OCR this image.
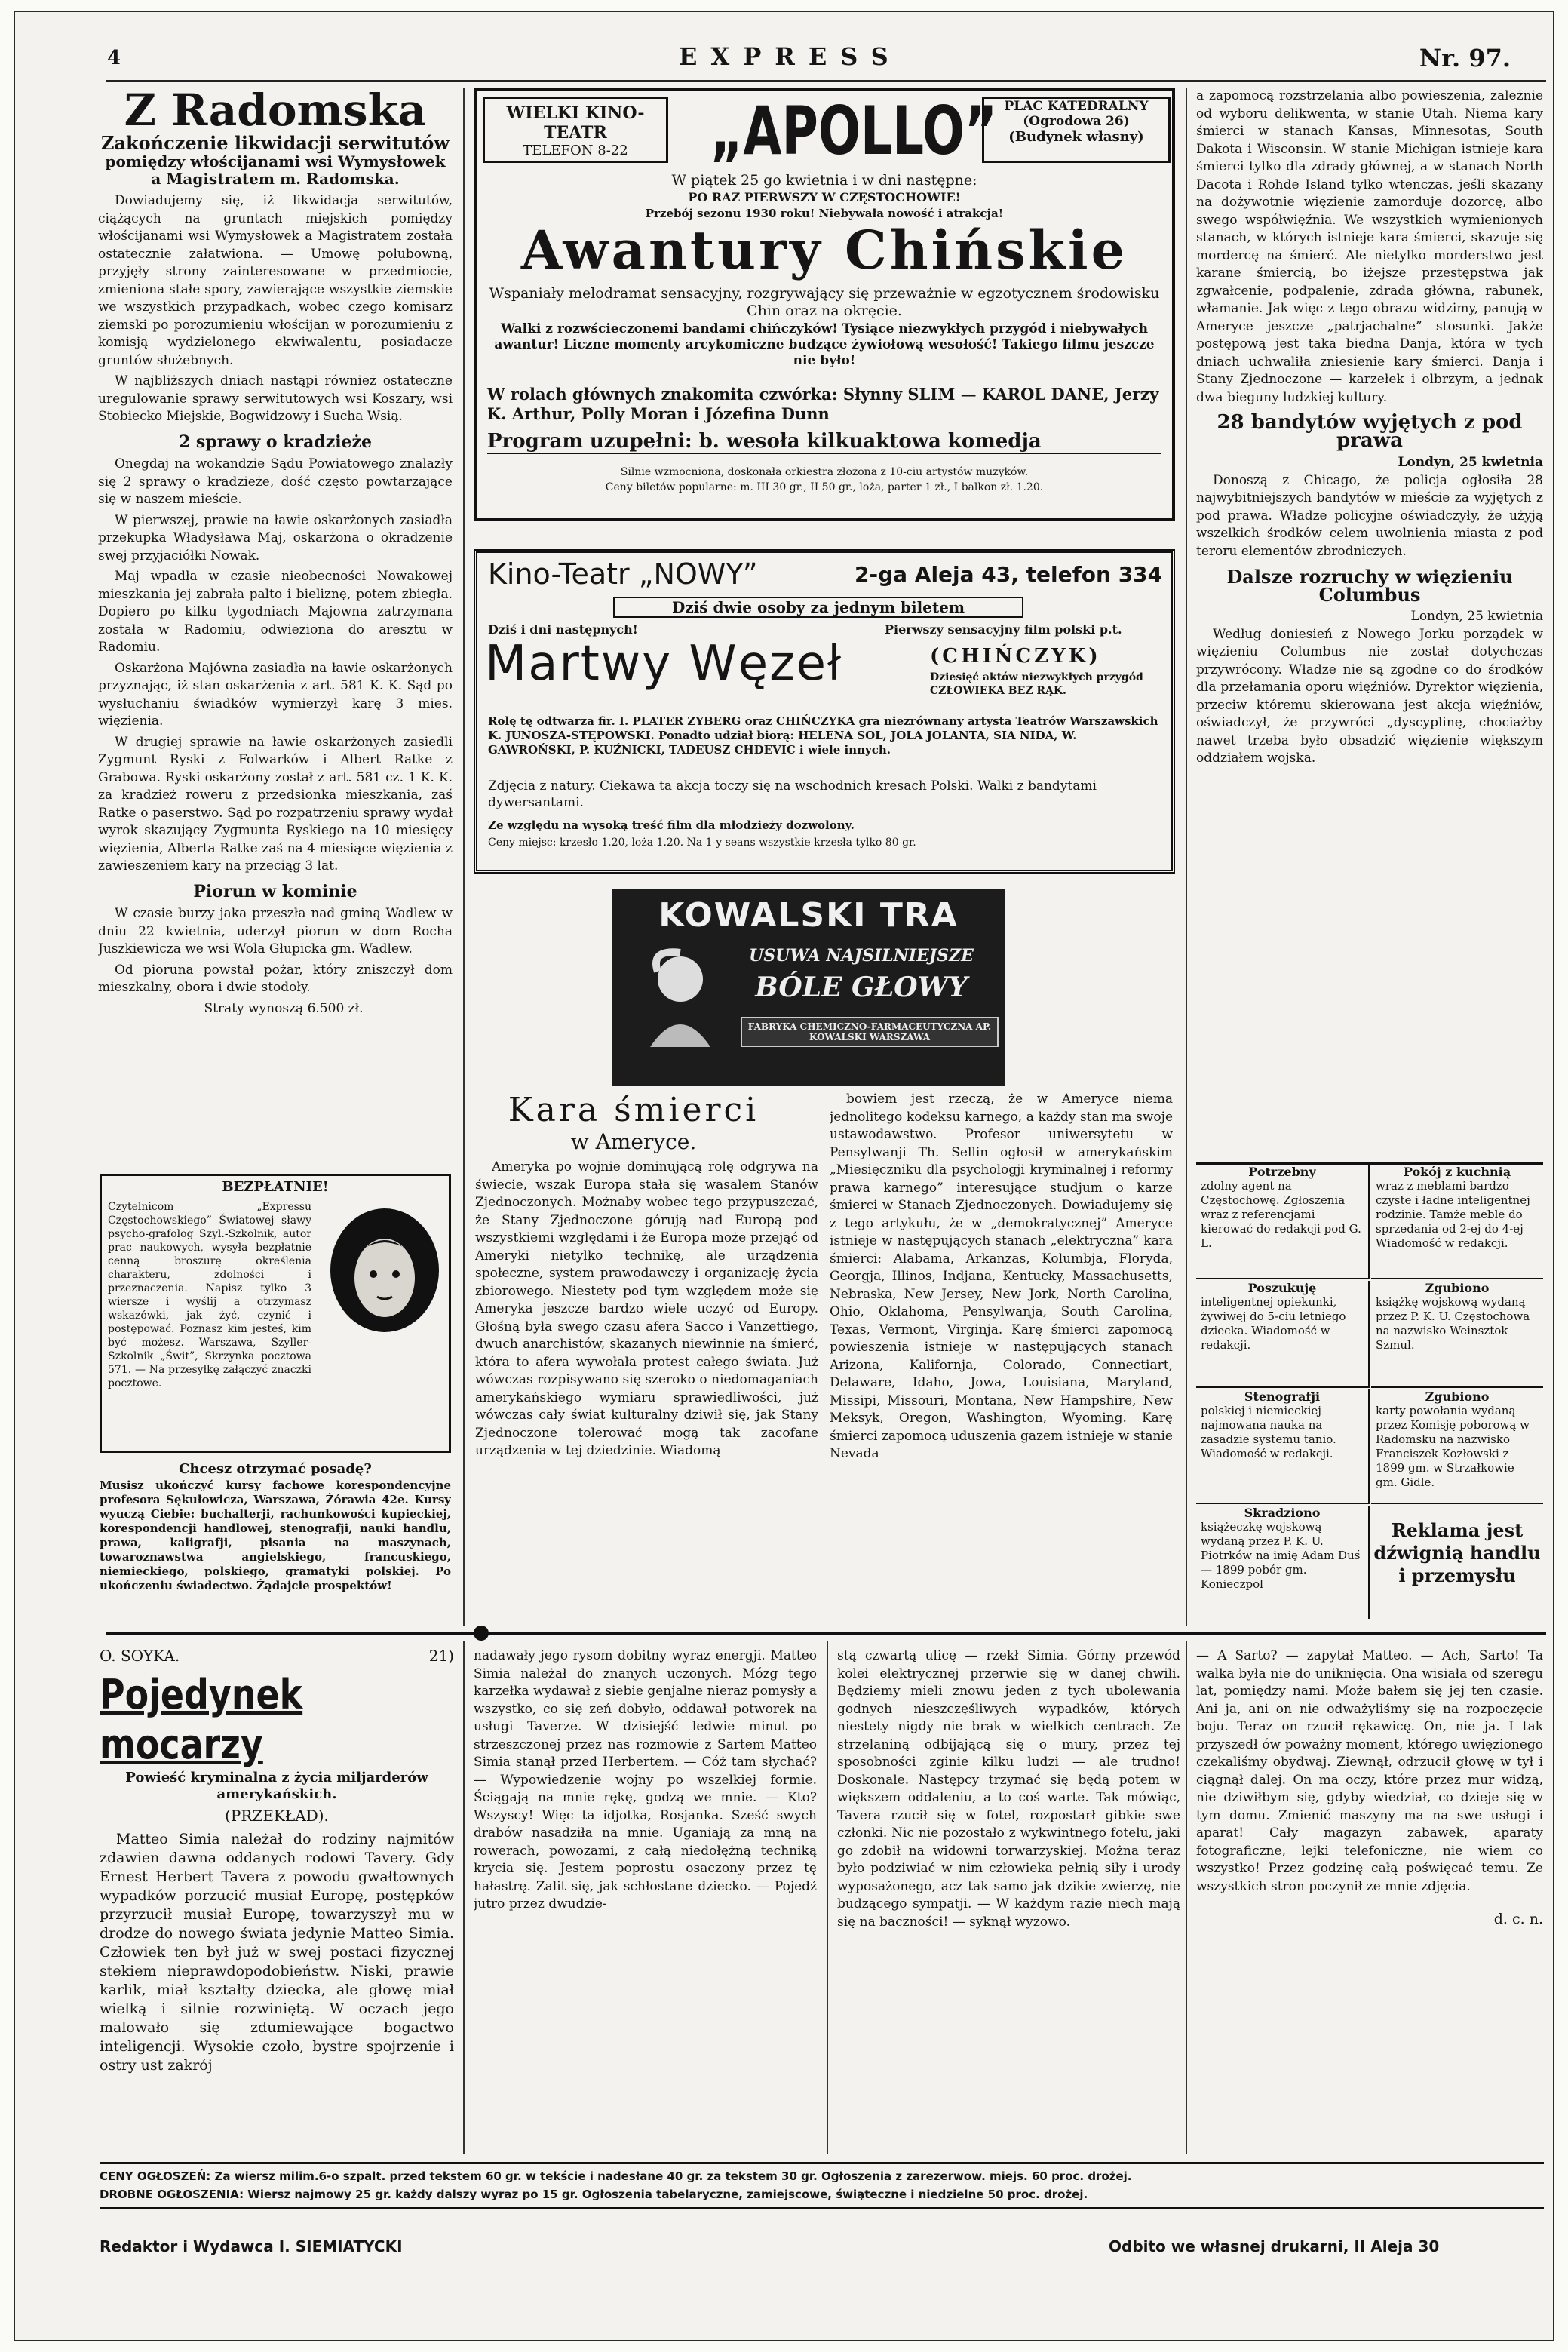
4	EXPRESS	Nr. 97.
Z Radomska
Zakończenie likwidacji serwitutów
pomiędzy włościjanami wsi Wymysłowek a Magistratem m. Radomska.

Dowiadujemy się, iż likwidacja serwitutów, ciążących na gruntach miejskich pomiędzy włościjanami wsi Wymysłowek a Magistratem została ostatecznie załatwiona. — Umowę polubowną, przyjęły strony zainteresowane w przedmiocie, zmieniona stałe spory, zawierające wszystkie ziemskie we wszystkich przypadkach, wobec czego komisarz ziemski po porozumieniu włościjan w porozumieniu z komisją wydzielonego ekwiwalentu, posiadacze gruntów służebnych.

W najbliższych dniach nastąpi również ostateczne uregulowanie sprawy serwitutowych wsi Koszary, wsi Stobiecko Miejskie, Bogwidzowy i Sucha Wsią.

2 sprawy o kradzieże

Onegdaj na wokandzie Sądu Powiatowego znalazły się 2 sprawy o kradzieże, dość często powtarzające się w naszem mieście.

W pierwszej, prawie na ławie oskarżonych zasiadła przekupka Władysława Maj, oskarżona o okradzenie swej przyjaciółki Nowak.

Maj wpadła w czasie nieobecności Nowakowej mieszkania jej zabrała palto i bieliznę, potem zbiegła. Dopiero po kilku tygodniach Majowna zatrzymana została w Radomiu, odwieziona do aresztu w Radomiu.

Oskarżona Majówna zasiadła na ławie oskarżonych przyznając, iż stan oskarżenia z art. 581 K. K. Sąd po wysłuchaniu świadków wymierzył karę 3 mies. więzienia.

W drugiej sprawie na ławie oskarżonych zasiedli Zygmunt Ryski z Folwarków i Albert Ratke z Grabowa. Ryski oskarżony został z art. 581 cz. 1 K. K. za kradzież roweru z przedsionka mieszkania, zaś Ratke o paserstwo. Sąd po rozpatrzeniu sprawy wydał wyrok skazujący Zygmunta Ryskiego na 10 miesięcy więzienia, Alberta Ratke zaś na 4 miesiące więzienia z zawieszeniem kary na przeciąg 3 lat.

Piorun w kominie

W czasie burzy jaka przeszła nad gminą Wadlew w dniu 22 kwietnia, uderzył piorun w dom Rocha Juszkiewicza we wsi Wola Głupicka gm. Wadlew.

Od pioruna powstał pożar, który zniszczył dom mieszkalny, obora i dwie stodoły.

Straty wynoszą 6.500 zł.

BEZPŁATNIE!
Czytelnicom „Expressu Częstochowskiego” Światowej sławy psycho-grafolog Szyl.-Szkolnik, autor prac naukowych, wysyła bezpłatnie cenną broszurę określenia charakteru, zdolności i przeznaczenia. Napisz tylko 3 wiersze i wyślij a otrzymasz wskazówki, jak żyć, czynić i postępować. Poznasz kim jesteś, kim być możesz. Warszawa, Szyller-Szkolnik „Świt”, Skrzynka pocztowa 571. — Na przesyłkę załączyć znaczki pocztowe.
Chcesz otrzymać posadę?
Musisz ukończyć kursy fachowe korespondencyjne profesora Sękułowicza, Warszawa, Żórawia 42e. Kursy wyuczą Ciebie: buchalterji, rachunkowości kupieckiej, korespondencji handlowej, stenografji, nauki handlu, prawa, kaligrafji, pisania na maszynach, towaroznawstwa angielskiego, francuskiego, niemieckiego, polskiego, gramatyki polskiej. Po ukończeniu świadectwo. Żądajcie prospektów!
WIELKI KINO-TEATR
TELEFON 8-22	„APOLLO” PLAC KATEDRALNY
(Ogrodowa 26)
(Budynek własny)
W piątek 25 go kwietnia i w dni następne:
PO RAZ PIERWSZY W CZĘSTOCHOWIE!
Przebój sezonu 1930 roku! Niebywała nowość i atrakcja!
Awantury Chińskie
Wspaniały melodramat sensacyjny, rozgrywający się przeważnie w egzotycznem środowisku Chin oraz na okręcie.
Walki z rozwścieczonemi bandami chińczyków! Tysiące niezwykłych przygód i niebywałych awantur! Liczne momenty arcykomiczne budzące żywiołową wesołość! Takiego filmu jeszcze nie było!
W rolach głównych znakomita czwórka: Słynny SLIM — KAROL DANE, Jerzy K. Arthur, Polly Moran i Józefina Dunn
Program uzupełni: b. wesoła kilkuaktowa komedja
Silnie wzmocniona, doskonała orkiestra złożona z 10-ciu artystów muzyków.
Ceny biletów popularne: m. III 30 gr., II 50 gr., loża, parter 1 zł., I balkon zł. 1.20.
Kino-Teatr „NOWY”	2-ga Aleja 43, telefon 334
Dziś dwie osoby za jednym biletem
Dziś i dni następnych!	Pierwszy sensacyjny film polski p.t.
Martwy Węzeł	(CHIŃCZYK)
Dziesięć aktów niezwykłych przygód CZŁOWIEKA BEZ RĄK.
Rolę tę odtwarza fir. I. PLATER ZYBERG oraz CHIŃCZYKA gra niezrównany artysta Teatrów Warszawskich K. JUNOSZA-STĘPOWSKI. Ponadto udział biorą: HELENA SOL, JOLA JOLANTA, SIA NIDA, W. GAWROŃSKI, P. KUŹNICKI, TADEUSZ CHDEVIC i wiele innych.
Zdjęcia z natury. Ciekawa ta akcja toczy się na wschodnich kresach Polski. Walki z bandytami dywersantami.
Ze względu na wysoką treść film dla młodzieży dozwolony.
Ceny miejsc: krzesło 1.20, loża 1.20. Na 1-y seans wszystkie krzesła tylko 80 gr.
KOWALSKI TRA
USUWA NAJSILNIEJSZE
BÓLE GŁOWY
FABRYKA CHEMICZNO-FARMACEUTYCZNA AP. KOWALSKI WARSZAWA
Kara śmierci
w Ameryce.

Ameryka po wojnie dominującą rolę odgrywa na świecie, wszak Europa stała się wasalem Stanów Zjednoczonych. Możnaby wobec tego przypuszczać, że Stany Zjednoczone górują nad Europą pod wszystkiemi względami i że Europa może przejąć od Ameryki nietylko technikę, ale urządzenia społeczne, system prawodawczy i organizację życia zbiorowego. Niestety pod tym względem może się Ameryka jeszcze bardzo wiele uczyć od Europy. Głośną była swego czasu afera Sacco i Vanzettiego, dwuch anarchistów, skazanych niewinnie na śmierć, która to afera wywołała protest całego świata. Już wówczas rozpisywano się szeroko o niedomaganiach amerykańskiego wymiaru sprawiedliwości, już wówczas cały świat kulturalny dziwił się, jak Stany Zjednoczone tolerować mogą tak zacofane urządzenia w tej dziedzinie. Wiadomą

bowiem jest rzeczą, że w Ameryce niema jednolitego kodeksu karnego, a każdy stan ma swoje ustawodawstwo. Profesor uniwersytetu w Pensylwanji Th. Sellin ogłosił w amerykańskim „Miesięczniku dla psychologji kryminalnej i reformy prawa karnego” interesujące studjum o karze śmierci w Stanach Zjednoczonych. Dowiadujemy się z tego artykułu, że w „demokratycznej” Ameryce istnieje w następujących stanach „elektryczna” kara śmierci: Alabama, Arkanzas, Kolumbja, Floryda, Georgja, Illinos, Indjana, Kentucky, Massachusetts, Nebraska, New Jersey, New Jork, North Carolina, Ohio, Oklahoma, Pensylwanja, South Carolina, Texas, Vermont, Virginja. Karę śmierci zapomocą powieszenia istnieje w następujących stanach Arizona, Kalifornja, Colorado, Connectiart, Delaware, Idaho, Jowa, Louisiana, Maryland, Missipi, Missouri, Montana, New Hampshire, New Meksyk, Oregon, Washington, Wyoming. Karę śmierci zapomocą uduszenia gazem istnieje w stanie Nevada

a zapomocą rozstrzelania albo powieszenia, zależnie od wyboru delikwenta, w stanie Utah. Niema kary śmierci w stanach Kansas, Minnesotas, South Dakota i Wisconsin. W stanie Michigan istnieje kara śmierci tylko dla zdrady głównej, a w stanach North Dacota i Rohde Island tylko wtenczas, jeśli skazany na dożywotnie więzienie zamordujе dozorcę, albo swego współwięźnia. We wszystkich wymienionych stanach, w których istnieje kara śmierci, skazuje się mordercę na śmierć. Ale nietylko morderstwo jest karane śmiercią, bo iżejsze przestępstwa jak zgwałcenie, podpalenie, zdrada główna, rabunek, włamanie. Jak więc z tego obrazu widzimy, panują w Ameryce jeszcze „patrjachalne” stosunki. Jakże postępową jest taka biedna Danja, która w tych dniach uchwaliła zniesienie kary śmierci. Danja i Stany Zjednoczone — karzełek i olbrzym, a jednak dwa bieguny ludzkiej kultury.

28 bandytów wyjętych z pod prawa
Londyn, 25 kwietnia

Donoszą z Chicago, że policja ogłosiła 28 najwybitniejszych bandytów w mieście za wyjętych z pod prawa. Władze policyjne oświadczyły, że użyją wszelkich środków celem uwolnienia miasta z pod teroru elementów zbrodniczych.

Dalsze rozruchy w więzieniu Columbus
Londyn, 25 kwietnia

Według doniesień z Nowego Jorku porządek w więzieniu Columbus nie został dotychczas przywrócony. Władze nie są zgodne co do środków dla przełamania oporu więźniów. Dyrektor więzienia, przeciw któremu skierowana jest akcja więźniów, oświadczył, że przywróci „dyscyplinę, chociażby nawet trzeba było obsadzić więzienie większym oddziałem wojska.

Potrzebny
zdolny agent na Częstochowę. Zgłoszenia wraz z referencjami kierować do redakcji pod G. L.
Pokój z kuchnią
wraz z meblami bardzo czyste i ładne inteligentnej rodzinie. Tamże meble do sprzedania od 2-ej do 4-ej Wiadomość w redakcji.
Poszukuję
inteligentnej opiekunki, żywiwej do 5-ciu letniego dziecka. Wiadomość w redakcji.
Zgubiono
książkę wojskową wydaną przez P. K. U. Częstochowa na nazwisko Weinsztok Szmul.
Stenografji
polskiej i niemieckiej najmowana nauka na zasadzie systemu tanio. Wiadomość w redakcji.
Zgubiono
karty powołania wydaną przez Komisję poborową w Radomsku na nazwisko Franciszek Kozłowski z 1899 gm. w Strzałkowie gm. Gidle.
Skradziono
książeczkę wojskową wydaną przez P. K. U. Piotrków na imię Adam Duś — 1899 pobór gm. Konieczpol
Reklama jest dźwignią handlu i przemysłu
O. SOYKA.	21)
Pojedynek mocarzy
Powieść kryminalna z życia miljarderów amerykańskich.
(PRZEKŁAD).

Matteo Simia należał do rodziny najmitów zdawien dawna oddanych rodowi Tavery. Gdy Ernest Herbert Tavera z powodu gwałtownych wypadków porzucić musiał Europę, postępków przyrzucił musiał Europę, towarzyszył mu w drodze do nowego świata jedynie Matteo Simia. Człowiek ten był już w swej postaci fizycznej stekiem nieprawdopodobieństw. Niski, prawie karlik, miał kształty dziecka, ale głowę miał wielką i silnie rozwiniętą. W oczach jego malowało się zdumiewające bogactwo inteligencji. Wysokie czoło, bystre spojrzenie i ostry ust zakrój

nadawały jego rysom dobitny wyraz energji. Matteo Simia należał do znanych uczonych. Mózg tego karzełka wydawał z siebie genjalne nieraz pomysły a wszystko, co się zeń dobyło, oddawał potworek na usługi Taverze. W dzisiejść ledwie minut po strzeszczonej przez nas rozmowie z Sartem Matteo Simia stanął przed Herbertem. — Cóż tam słychać? — Wypowiedzenie wojny po wszelkiej formie. Ściągają na mnie rękę, godzą we mnie. — Kto? Wszyscy! Więc ta idjotka, Rosjanka. Sześć swych drabów nasadziła na mnie. Uganiają za mną na rowerach, powozami, z całą niedołężną techniką krycia się. Jestem poprostu osaczony przez tę hałastrę. Zalit się, jak schłostane dziecko. — Pojedź jutro przez dwudzie-

stą czwartą ulicę — rzekł Simia. Górny przewód kolei elektrycznej przerwie się w danej chwili. Będziemy mieli znowu jeden z tych ubolewania godnych nieszczęśliwych wypadków, których niestety nigdy nie brak w wielkich centrach. Ze strzelaniną odbijającą się o mury, przez tej sposobności zginie kilku ludzi — ale trudno! Doskonale. Następcy trzymać się będą potem w większem oddaleniu, a to coś warte. Tak mówiąc, Tavera rzucił się w fotel, rozpostarł gibkie swe członki. Nic nie pozostało z wykwintnego fotelu, jaki go zdobił na widowni torwarzyskiej. Można teraz było podziwiać w nim człowieka pełnią siły i urody wyposażonego, acz tak samo jak dzikie zwierzę, nie budzącego sympatji. — W każdym razie niech mają się na baczności! — syknął wyzowo.

— A Sarto? — zapytał Matteo. — Ach, Sarto! Ta walka była nie do uniknięcia. Ona wisiała od szeregu lat, pomiędzy nami. Może bałem się jej ten czasie. Ani ja, ani on nie odważyliśmy się na rozpoczęcie boju. Teraz on rzucił rękawicę. On, nie ja. I tak przyszedł ów poważny moment, którego uwięzionego czekaliśmy obydwaj. Ziewnął, odrzucił głowę w tył i ciągnął dalej. On ma oczy, które przez mur widzą, nie dziwiłbym się, gdyby wiedział, co dzieje się w tym domu. Zmienić maszyny ma na swe usługi i aparat! Cały magazyn zabawek, aparaty fotograficzne, lejki telefoniczne, nie wiem co wszystko! Przez godzinę całą poświęcać temu. Ze wszystkich stron poczynił ze mnie zdjęcia.

d. c. n.
CENY OGŁOSZEŃ: Za wiersz milim.6-o szpalt. przed tekstem 60 gr. w tekście i nadesłane 40 gr. za tekstem 30 gr. Ogłoszenia z zarezerwow. miejs. 60 proc. drożej.
DROBNE OGŁOSZENIA: Wiersz najmowy 25 gr. każdy dalszy wyraz po 15 gr. Ogłoszenia tabelaryczne, zamiejscowe, świąteczne i niedzielne 50 proc. drożej.
Redaktor i Wydawca I. SIEMIATYCKI	Odbito we własnej drukarni, II Aleja 30
